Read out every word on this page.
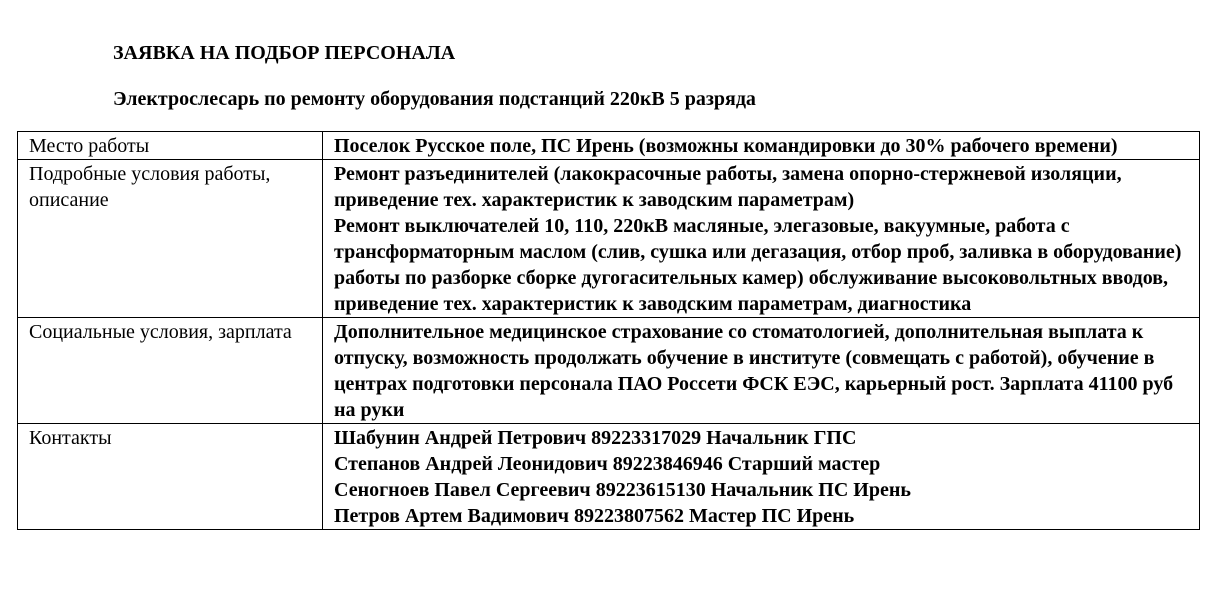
ЗАЯВКА НА ПОДБОР ПЕРСОНАЛА
Электрослесарь по ремонту оборудования подстанций 220кВ 5 разряда
Место работы	Поселок Русское поле, ПС Ирень (возможны командировки до 30% рабочего времени)

Подробные условия работы, описание	Ремонт разъединителей (лакокрасочные работы, замена опорно-стержневой изоляции, приведение тех. характеристик к заводским параметрам)
Ремонт выключателей 10, 110, 220кВ масляные, элегазовые, вакуумные, работа с трансформаторным маслом (слив, сушка или дегазация, отбор проб, заливка в оборудование) работы по разборке сборке дугогасительных камер) обслуживание высоковольтных вводов, приведение тех. характеристик к заводским параметрам, диагностика

Социальные условия, зарплата	Дополнительное медицинское страхование со стоматологией, дополнительная выплата к отпуску, возможность продолжать обучение в институте (совмещать с работой), обучение в центрах подготовки персонала ПАО Россети ФСК ЕЭС, карьерный рост. Зарплата 41100 руб на руки

Контакты	Шабунин Андрей Петрович 89223317029 Начальник ГПС
Степанов Андрей Леонидович 89223846946 Старший мастер
Сеногноев Павел Сергеевич 89223615130 Начальник ПС Ирень
Петров Артем Вадимович 89223807562 Мастер ПС Ирень
